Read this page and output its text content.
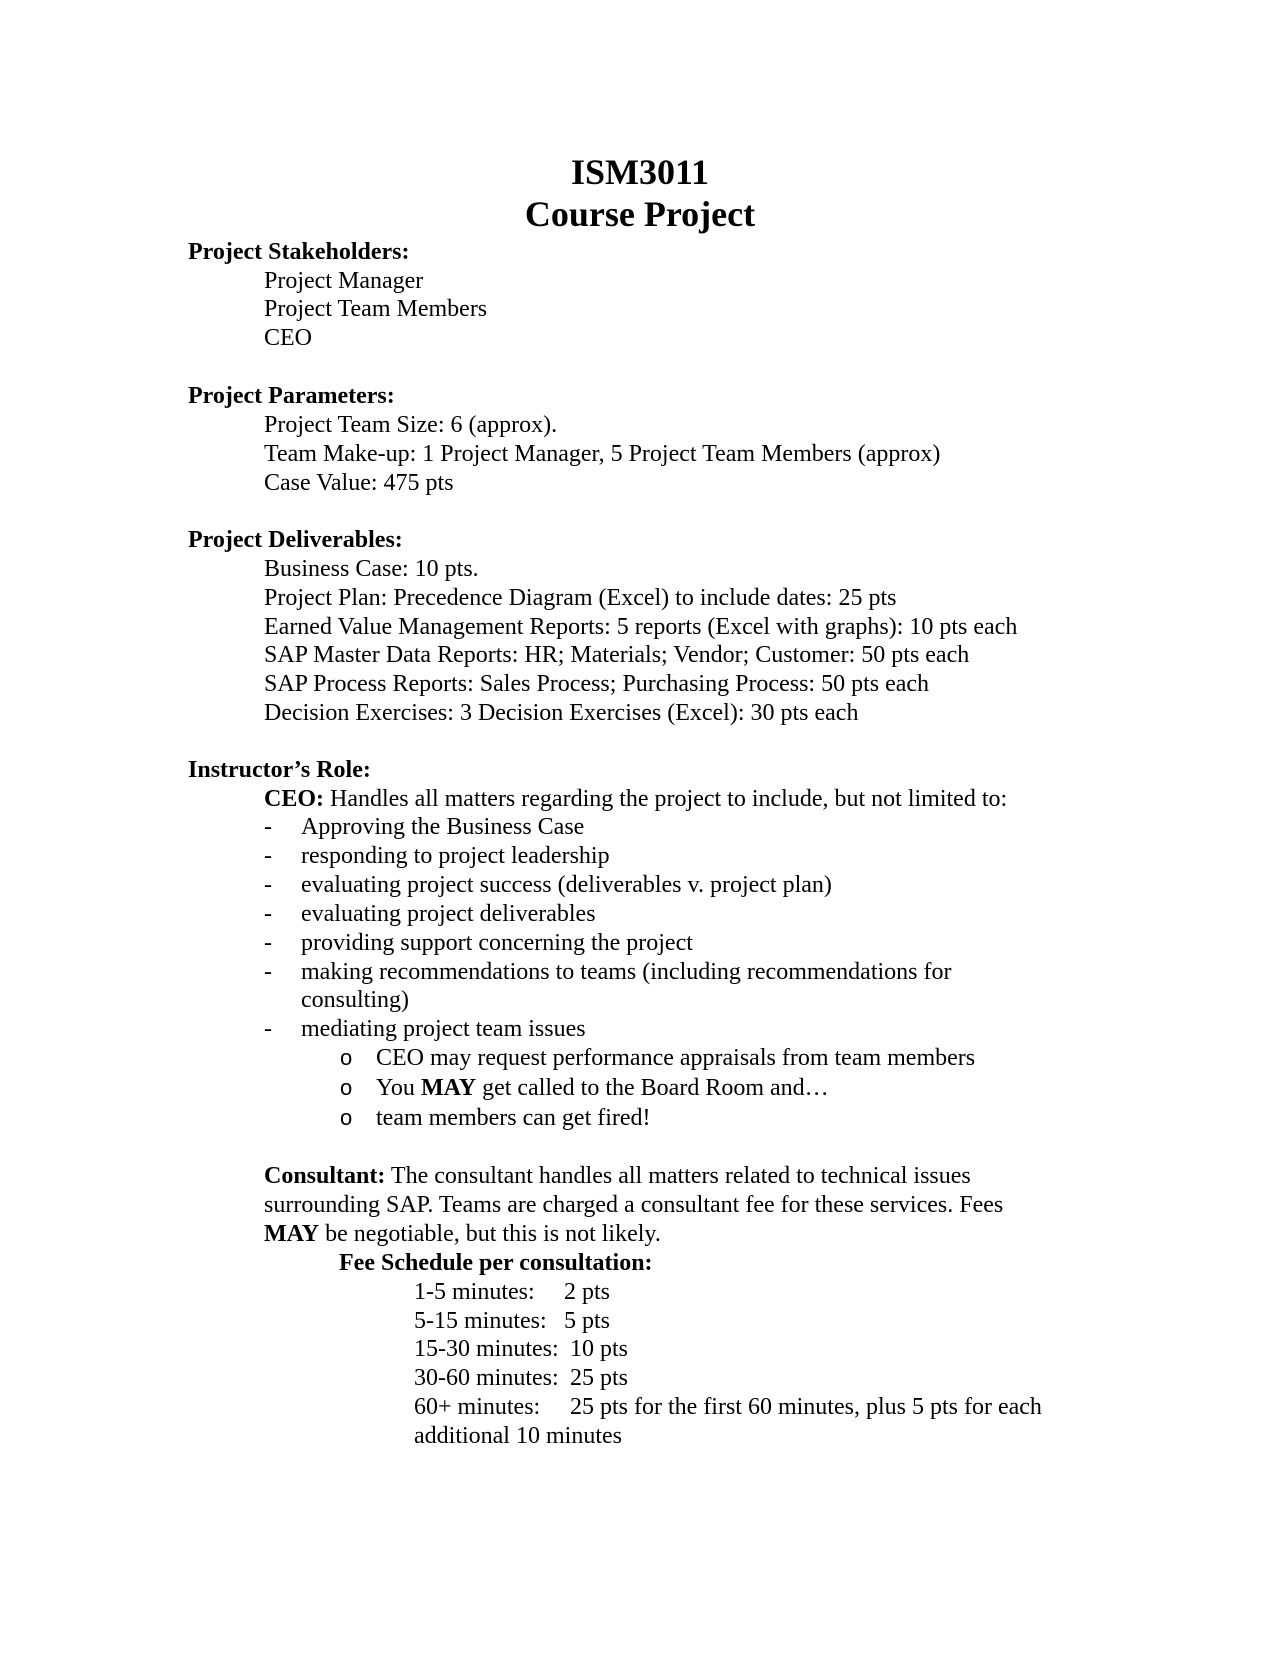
ISM3011
Course Project
Project Stakeholders:
Project Manager
Project Team Members
CEO
Project Parameters:
Project Team Size: 6 (approx).
Team Make-up: 1 Project Manager, 5 Project Team Members (approx)
Case Value: 475 pts
Project Deliverables:
Business Case: 10 pts.
Project Plan: Precedence Diagram (Excel) to include dates: 25 pts
Earned Value Management Reports: 5 reports (Excel with graphs): 10 pts each
SAP Master Data Reports: HR; Materials; Vendor; Customer: 50 pts each
SAP Process Reports: Sales Process; Purchasing Process: 50 pts each
Decision Exercises: 3 Decision Exercises (Excel): 30 pts each
Instructor’s Role:
CEO: Handles all matters regarding the project to include, but not limited to:
- Approving the Business Case
- responding to project leadership
- evaluating project success (deliverables v. project plan)
- evaluating project deliverables
- providing support concerning the project
- making recommendations to teams (including recommendations for
consulting)
- mediating project team issues
o CEO may request performance appraisals from team members
o You MAY get called to the Board Room and…
o team members can get fired!
Consultant: The consultant handles all matters related to technical issues
surrounding SAP. Teams are charged a consultant fee for these services. Fees
MAY be negotiable, but this is not likely.
Fee Schedule per consultation:
1-5 minutes: 2 pts
5-15 minutes: 5 pts
15-30 minutes: 10 pts
30-60 minutes: 25 pts
60+ minutes: 25 pts for the first 60 minutes, plus 5 pts for each
additional 10 minutes
